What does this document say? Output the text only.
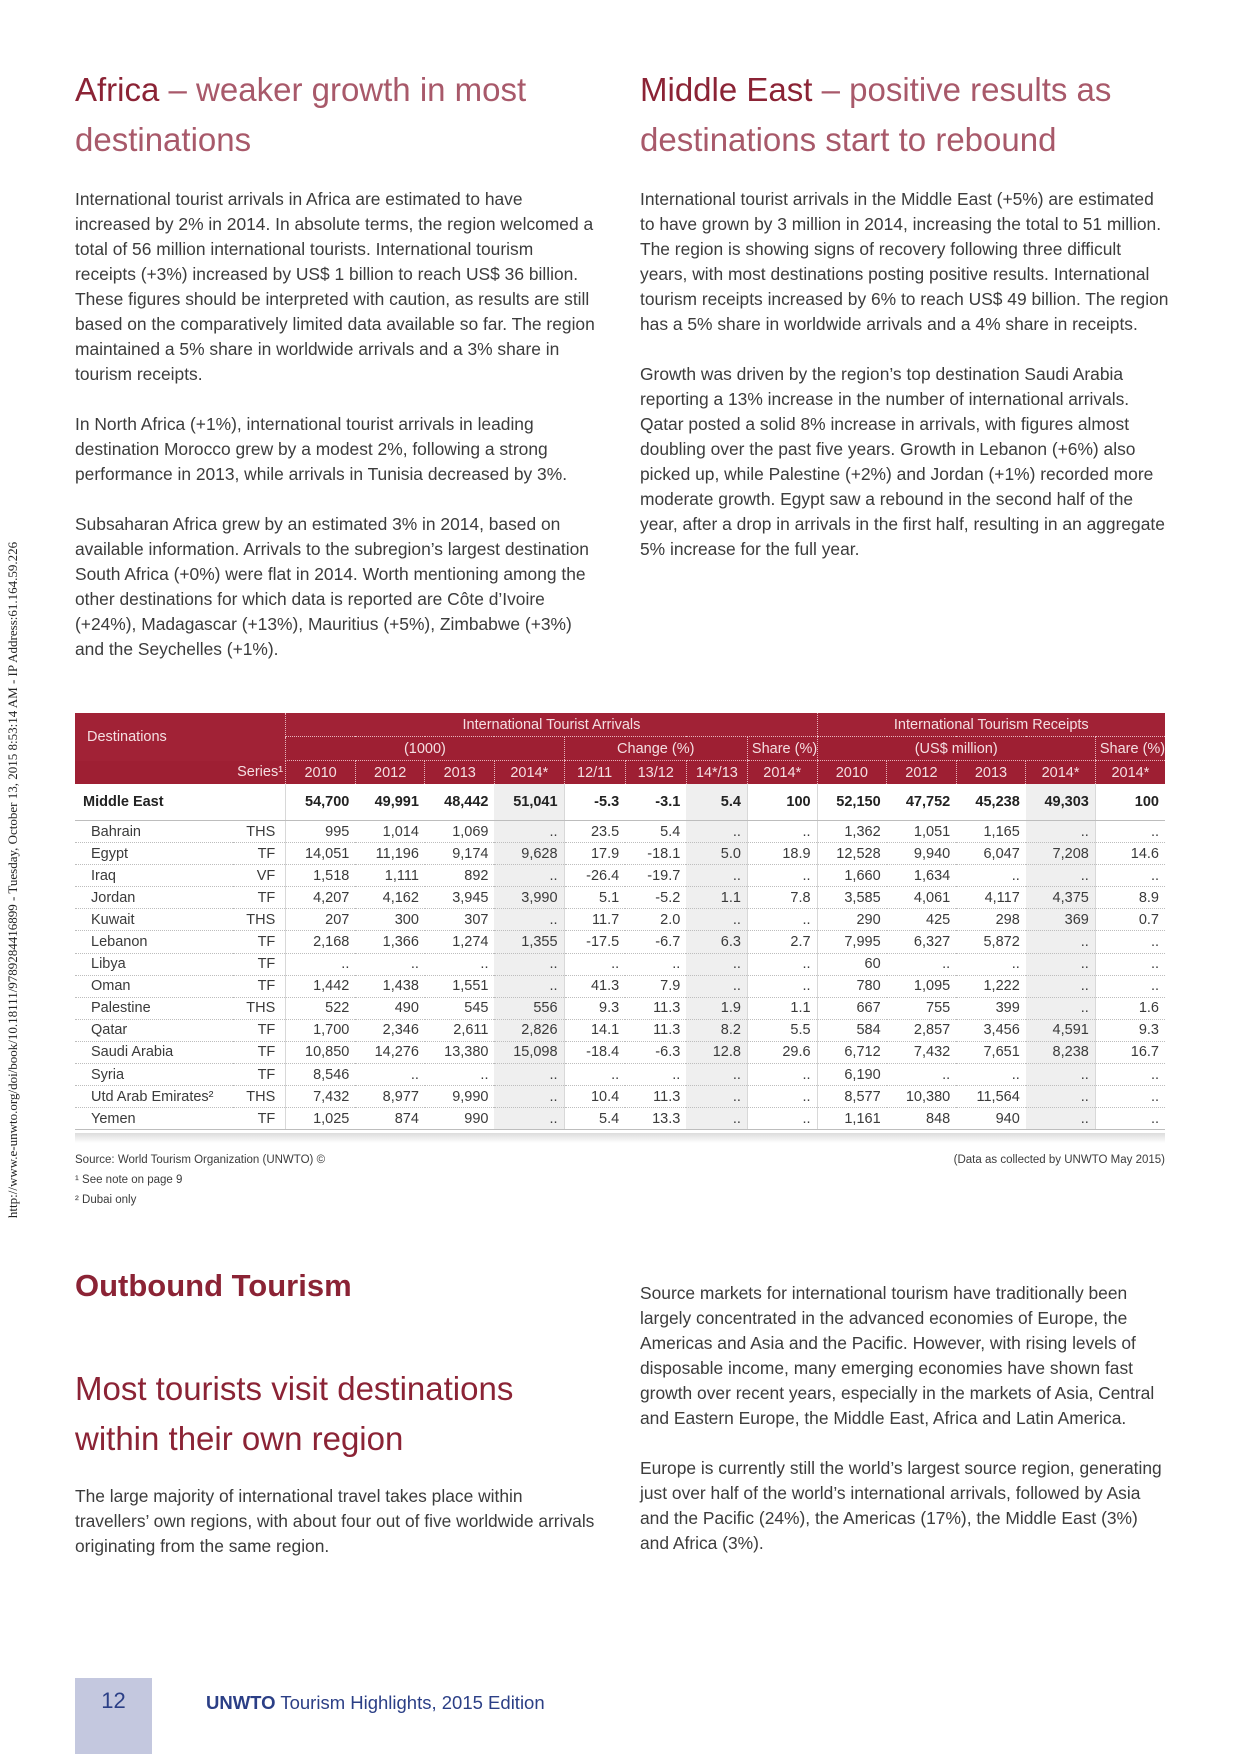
http://www.e-unwto.org/doi/book/10.18111/9789284416899 - Tuesday, October 13, 2015 8:53:14 AM - IP Address:61.164.59.226
Africa – weaker growth in most destinations

International tourist arrivals in Africa are estimated to have increased by 2% in 2014. In absolute terms, the region welcomed a total of 56 million international tourists. International tourism receipts (+3%) increased by US$ 1 billion to reach US$ 36 billion. These figures should be interpreted with caution, as results are still based on the comparatively limited data available so far. The region maintained a 5% share in worldwide arrivals and a 3% share in tourism receipts.

In North Africa (+1%), international tourist arrivals in leading destination Morocco grew by a modest 2%, following a strong performance in 2013, while arrivals in Tunisia decreased by 3%.

Subsaharan Africa grew by an estimated 3% in 2014, based on available information. Arrivals to the subregion’s largest destination South Africa (+0%) were flat in 2014. Worth mentioning among the other destinations for which data is reported are Côte d’Ivoire (+24%), Madagascar (+13%), Mauritius (+5%), Zimbabwe (+3%) and the Seychelles (+1%).

Middle East – positive results as destinations start to rebound

International tourist arrivals in the Middle East (+5%) are estimated to have grown by 3 million in 2014, increasing the total to 51 million. The region is showing signs of recovery following three difficult years, with most destinations posting positive results. International tourism receipts increased by 6% to reach US$ 49 billion. The region has a 5% share in worldwide arrivals and a 4% share in receipts.

Growth was driven by the region’s top destination Saudi Arabia reporting a 13% increase in the number of international arrivals. Qatar posted a solid 8% increase in arrivals, with figures almost doubling over the past five years. Growth in Lebanon (+6%) also picked up, while Palestine (+2%) and Jordan (+1%) recorded more moderate growth. Egypt saw a rebound in the second half of the year, after a drop in arrivals in the first half, resulting in an aggregate 5% increase for the full year.

Destinations		International Tourist Arrivals								International Tourism Receipts				
		(1000)				Change (%)			Share (%)	(US$ million)				Share (%)
	Series¹	2010	2012	2013	2014*	12/11	13/12	14*/13	2014*	2010	2012	2013	2014*	2014*
Middle East		54,700	49,991	48,442	51,041	-5.3	-3.1	5.4	100	52,150	47,752	45,238	49,303	100
Bahrain	THS	995	1,014	1,069	..	23.5	5.4	..	..	1,362	1,051	1,165	..	..
Egypt	TF	14,051	11,196	9,174	9,628	17.9	-18.1	5.0	18.9	12,528	9,940	6,047	7,208	14.6
Iraq	VF	1,518	1,111	892	..	-26.4	-19.7	..	..	1,660	1,634	..	..	..
Jordan	TF	4,207	4,162	3,945	3,990	5.1	-5.2	1.1	7.8	3,585	4,061	4,117	4,375	8.9
Kuwait	THS	207	300	307	..	11.7	2.0	..	..	290	425	298	369	0.7
Lebanon	TF	2,168	1,366	1,274	1,355	-17.5	-6.7	6.3	2.7	7,995	6,327	5,872	..	..
Libya	TF	..	..	..	..	..	..	..	..	60	..	..	..	..
Oman	TF	1,442	1,438	1,551	..	41.3	7.9	..	..	780	1,095	1,222	..	..
Palestine	THS	522	490	545	556	9.3	11.3	1.9	1.1	667	755	399	..	1.6
Qatar	TF	1,700	2,346	2,611	2,826	14.1	11.3	8.2	5.5	584	2,857	3,456	4,591	9.3
Saudi Arabia	TF	10,850	14,276	13,380	15,098	-18.4	-6.3	12.8	29.6	6,712	7,432	7,651	8,238	16.7
Syria	TF	8,546	..	..	..	..	..	..	..	6,190	..	..	..	..
Utd Arab Emirates²	THS	7,432	8,977	9,990	..	10.4	11.3	..	..	8,577	10,380	11,564	..	..
Yemen	TF	1,025	874	990	..	5.4	13.3	..	..	1,161	848	940	..	..
Source: World Tourism Organization (UNWTO) ©	(Data as collected by UNWTO May 2015)
¹ See note on page 9
² Dubai only
Outbound Tourism
Most tourists visit destinations within their own region

The large majority of international travel takes place within travellers’ own regions, with about four out of five worldwide arrivals originating from the same region.

Source markets for international tourism have traditionally been largely concentrated in the advanced economies of Europe, the Americas and Asia and the Pacific. However, with rising levels of disposable income, many emerging economies have shown fast growth over recent years, especially in the markets of Asia, Central and Eastern Europe, the Middle East, Africa and Latin America.

Europe is currently still the world’s largest source region, generating just over half of the world’s international arrivals, followed by Asia and the Pacific (24%), the Americas (17%), the Middle East (3%) and Africa (3%).

12	UNWTO Tourism Highlights, 2015 Edition
